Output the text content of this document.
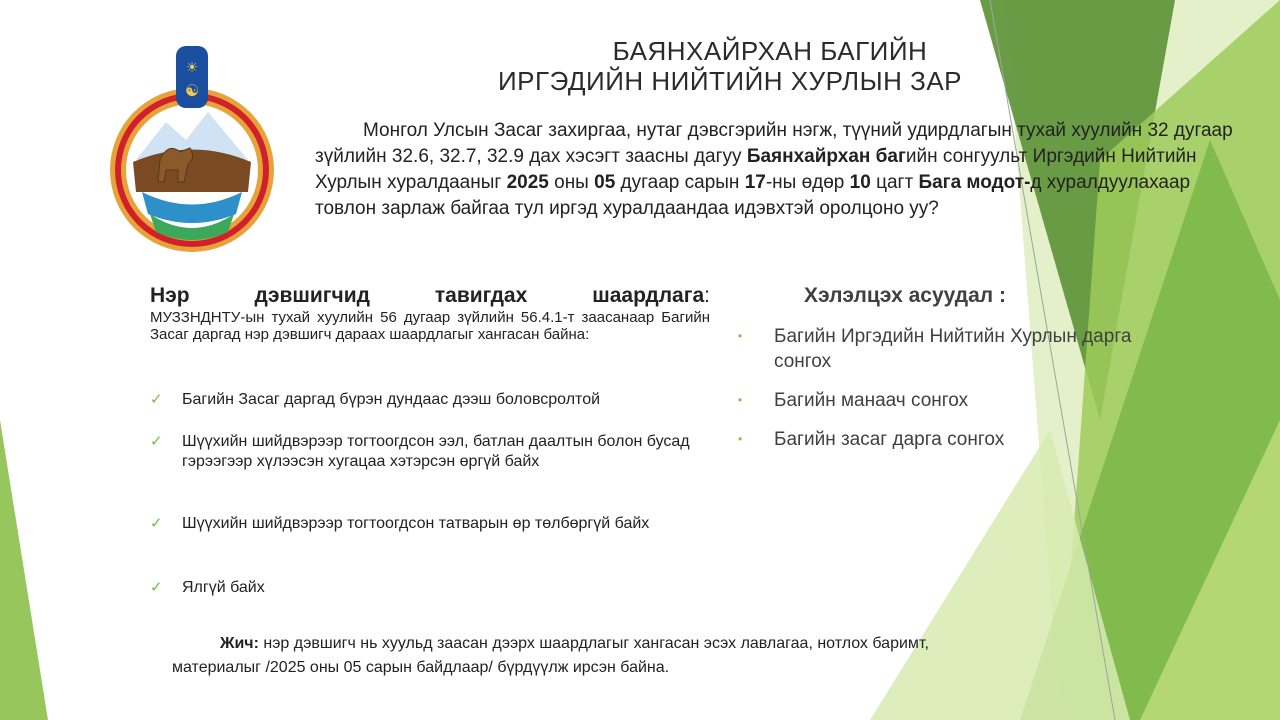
☀
☯
БАЯНХАЙРХАН БАГИЙН
ИРГЭДИЙН НИЙТИЙН ХУРЛЫН ЗАР
Монгол Улсын Засаг захиргаа, нутаг дэвсгэрийн нэгж, түүний удирдлагын тухай хуулийн 32 дугаар зүйлийн 32.6, 32.7, 32.9 дах хэсэгт заасны дагуу Баянхайрхан багийн сонгуульт Иргэдийн Нийтийн Хурлын хуралдааныг 2025 оны 05 дугаар сарын 17-ны өдөр 10 цагт Бага модот-д хуралдуулахаар товлон зарлаж байгаа тул иргэд хуралдаандаа идэвхтэй оролцоно уу?
Нэр дэвшигчид тавигдах шаардлага:
МУЗЗНДНТУ-ын тухай хуулийн 56 дугаар зүйлийн 56.4.1-т заасанаар Багийн Засаг даргад нэр дэвшигч дараах шаардлагыг хангасан байна:
✓ Багийн Засаг даргад бүрэн дундаас дээш боловсролтой
✓ Шүүхийн шийдвэрээр тогтоогдсон ээл, батлан даалтын болон бусад гэрээгээр хүлээсэн хугацаа хэтэрсэн өргүй байх
✓ Шүүхийн шийдвэрээр тогтоогдсон татварын өр төлбөргүй байх
✓ Ялгүй байх
Хэлэлцэх асуудал :
• Багийн Иргэдийн Нийтийн Хурлын дарга сонгох
• Багийн манаач сонгох
• Багийн засаг дарга сонгох
Жич: нэр дэвшигч нь хуульд заасан дээрх шаардлагыг хангасан эсэх лавлагаа, нотлох баримт,
материалыг /2025 оны 05 сарын байдлаар/ бүрдүүлж ирсэн байна.
